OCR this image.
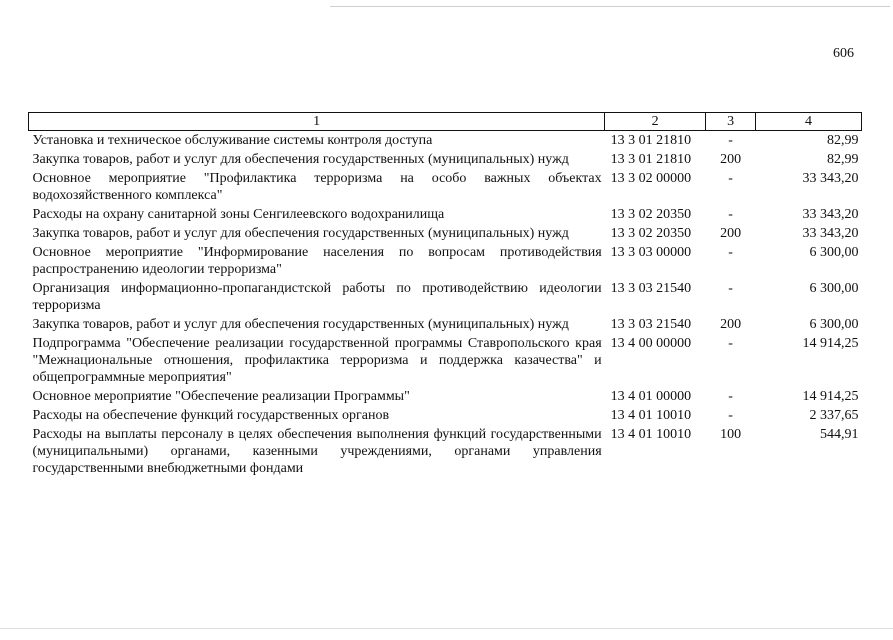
606
1	2	3	4
Установка и техническое обслуживание системы контроля доступа	13 3 01 21810	-	82,99
Закупка товаров, работ и услуг для обеспечения государственных (муниципальных) нужд	13 3 01 21810	200	82,99
Основное мероприятие "Профилактика терроризма на особо важных объектах водохозяйственного комплекса"	13 3 02 00000	-	33 343,20
Расходы на охрану санитарной зоны Сенгилеевского водохранилища	13 3 02 20350	-	33 343,20
Закупка товаров, работ и услуг для обеспечения государственных (муниципальных) нужд	13 3 02 20350	200	33 343,20
Основное мероприятие "Информирование населения по вопросам противодействия распространению идеологии терроризма"	13 3 03 00000	-	6 300,00
Организация информационно-пропагандистской работы по противодействию идеологии терроризма	13 3 03 21540	-	6 300,00
Закупка товаров, работ и услуг для обеспечения государственных (муниципальных) нужд	13 3 03 21540	200	6 300,00
Подпрограмма "Обеспечение реализации государственной программы Ставропольского края "Межнациональные отношения, профилактика терроризма и поддержка казачества" и общепрограммные мероприятия"	13 4 00 00000	-	14 914,25
Основное мероприятие "Обеспечение реализации Программы"	13 4 01 00000	-	14 914,25
Расходы на обеспечение функций государственных органов	13 4 01 10010	-	2 337,65
Расходы на выплаты персоналу в целях обеспечения выполнения функций государственными (муниципальными) органами, казенными учреждениями, органами управления государственными внебюджетными фондами	13 4 01 10010	100	544,91
